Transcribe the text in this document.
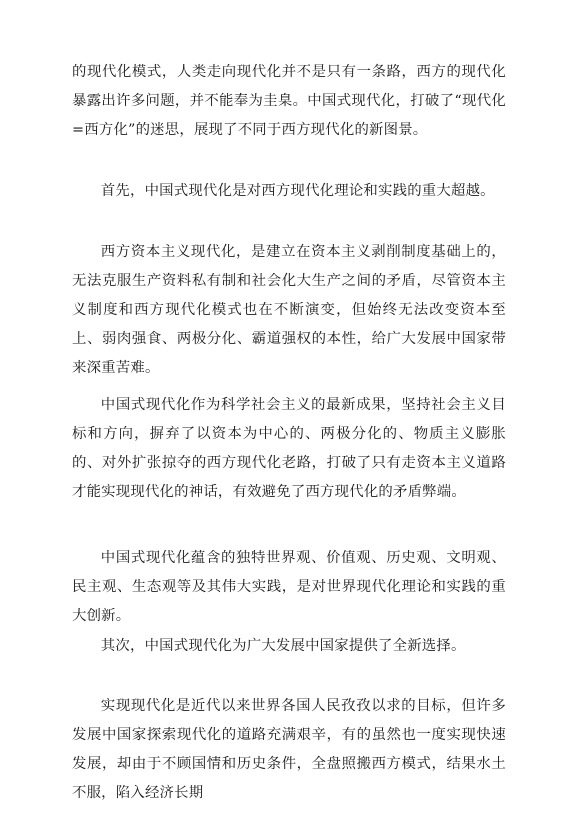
的现代化模式，人类走向现代化并不是只有一条路，西方的现代化暴露出许多问题，并不能奉为圭臬。中国式现代化，打破了“现代化=西方化”的迷思，展现了不同于西方现代化的新图景。

首先，中国式现代化是对西方现代化理论和实践的重大超越。

西方资本主义现代化，是建立在资本主义剥削制度基础上的，无法克服生产资料私有制和社会化大生产之间的矛盾，尽管资本主义制度和西方现代化模式也在不断演变，但始终无法改变资本至上、弱肉强食、两极分化、霸道强权的本性，给广大发展中国家带来深重苦难。

中国式现代化作为科学社会主义的最新成果，坚持社会主义目标和方向，摒弃了以资本为中心的、两极分化的、物质主义膨胀的、对外扩张掠夺的西方现代化老路，打破了只有走资本主义道路才能实现现代化的神话，有效避免了西方现代化的矛盾弊端。

中国式现代化蕴含的独特世界观、价值观、历史观、文明观、民主观、生态观等及其伟大实践，是对世界现代化理论和实践的重大创新。

其次，中国式现代化为广大发展中国家提供了全新选择。

实现现代化是近代以来世界各国人民孜孜以求的目标，但许多发展中国家探索现代化的道路充满艰辛，有的虽然也一度实现快速发展，却由于不顾国情和历史条件，全盘照搬西方模式，结果水土不服，陷入经济长期
